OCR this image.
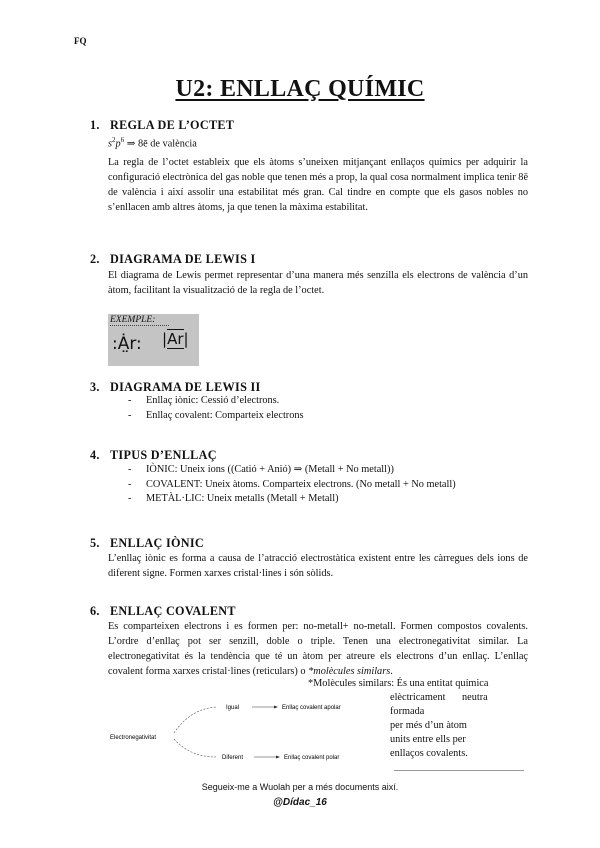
FQ
U2: ENLLAÇ QUÍMIC
1. REGLA DE L’OCTET
$s^2p^6$ ⇒ 8ē de valència
La regla de l’octet estableix que els àtoms s’uneixen mitjançant enllaços químics per adquirir la configuració electrònica del gas noble que tenen més a prop, la qual cosa normalment implica tenir 8ē de valència i així assolir una estabilitat més gran. Cal tindre en compte que els gasos nobles no s’enllacen amb altres àtoms, ja que tenen la màxima estabilitat.
2. DIAGRAMA DE LEWIS I
El diagrama de Lewis permet representar d’una manera més senzilla els electrons de valència d’un àtom, facilitant la visualització de la regla de l’octet.
EXEMPLE:
:Ȧ̤r: |Ar|
3. DIAGRAMA DE LEWIS II
- Enllaç iònic: Cessió d’electrons.
- Enllaç covalent: Comparteix electrons
4. TIPUS D’ENLLAÇ
- IÒNIC: Uneix ions ((Catió + Anió) ⇒ (Metall + No metall))
- COVALENT: Uneix àtoms. Comparteix electrons. (No metall + No metall)
- METÀL·LIC: Uneix metalls (Metall + Metall)
5. ENLLAÇ IÒNIC
L’enllaç iònic es forma a causa de l’atracció electrostàtica existent entre les càrregues dels ions de diferent signe. Formen xarxes cristal·lines i són sòlids.
6. ENLLAÇ COVALENT
Es comparteixen electrons i es formen per: no-metall+ no-metall. Formen compostos covalents. L’ordre d’enllaç pot ser senzill, doble o triple. Tenen una electronegativitat similar. La electronegativitat és la tendència que té un àtom per atreure els electrons d’un enllaç. L’enllaç covalent forma xarxes cristal·lines (reticulars) o *molècules similars.
*Molècules similars: És una entitat química
elèctricament neutra
formada
per més d’un àtom
units entre ells per
enllaços covalents.
Electronegativitat
Igual	Enllaç covalent apolar
Diferent	Enllaç covalent polar
Segueix-me a Wuolah per a més documents així.
@Dídac_16
